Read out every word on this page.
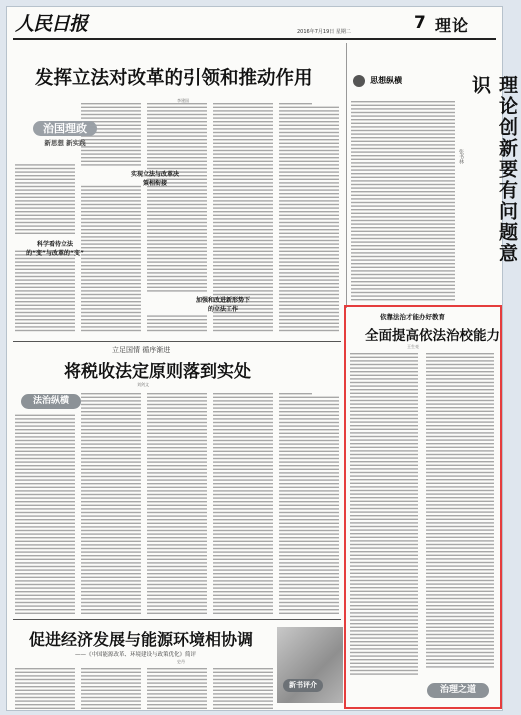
人民日报	2016年7月19日 星期二	7 理论
发挥立法对改革的引领和推动作用
李建国
治国理政
新思想 新实践
科学看待立法的“变”与改革的“变”
实现立法与改革决策相衔接
加强和改进新形势下的立法工作
思想纵横	理论创新要有问题意识
张书林
立足国情 循序渐进
将税收法定原则落到实处
刘剑文
法治纵横
促进经济发展与能源环境相协调
——《中国能源改革、环境建设与政策优化》简评
史丹
新书评介
依靠法治才能办好教育
全面提高依法治校能力
王生亮
治理之道
